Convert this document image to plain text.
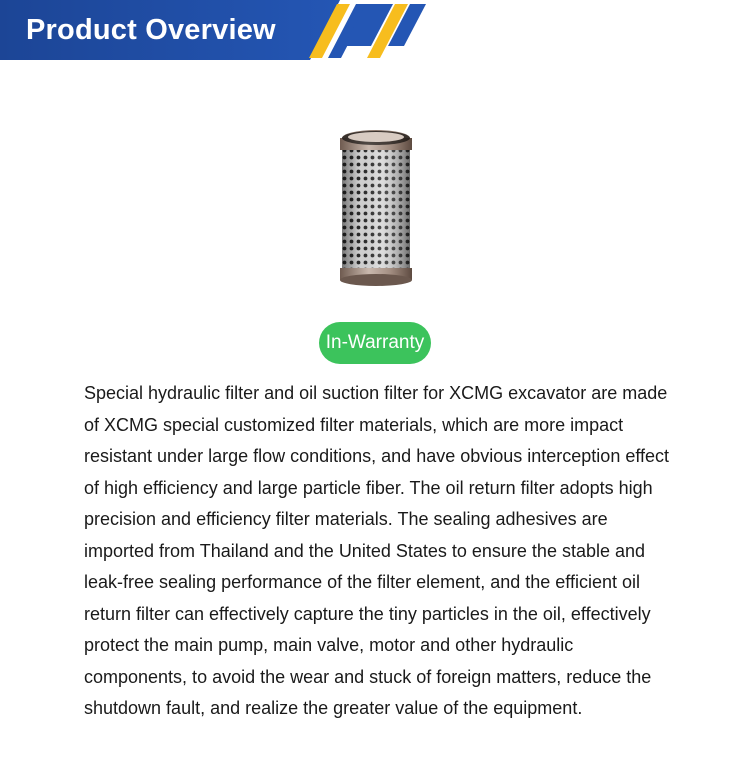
Product Overview
In-Warranty

Special hydraulic filter and oil suction filter for XCMG excavator are made of XCMG special customized filter materials, which are more impact resistant under large flow conditions, and have obvious interception effect of high efficiency and large particle fiber. The oil return filter adopts high precision and efficiency filter materials. The sealing adhesives are imported from Thailand and the United States to ensure the stable and leak-free sealing performance of the filter element, and the efficient oil return filter can effectively capture the tiny particles in the oil, effectively protect the main pump, main valve, motor and other hydraulic components, to avoid the wear and stuck of foreign matters, reduce the shutdown fault, and realize the greater value of the equipment.
